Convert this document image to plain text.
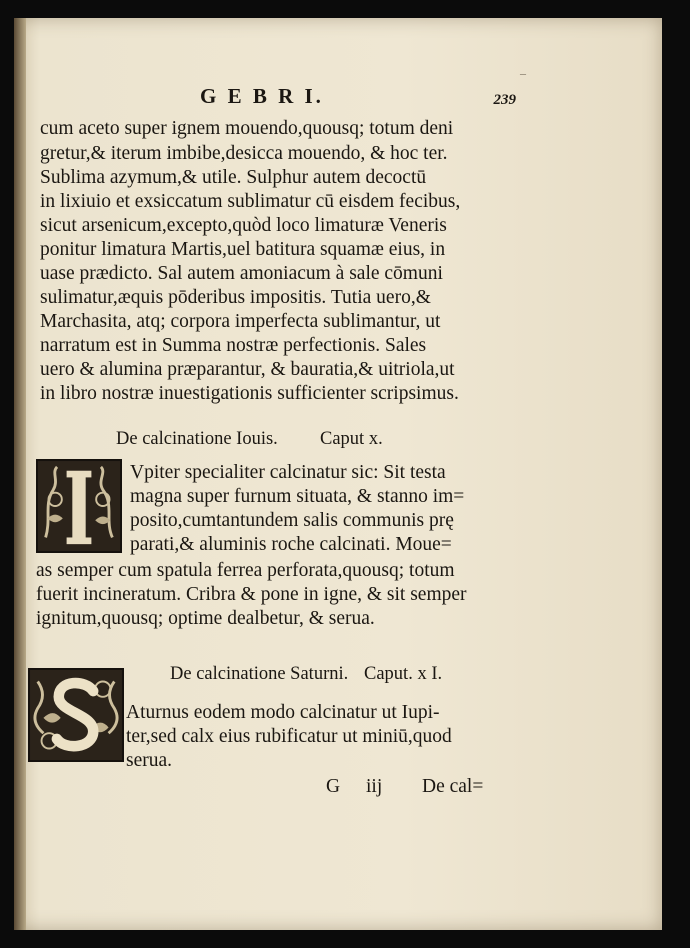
G E B R I.
–
239
cum aceto super ignem mouendo,quousq; totum deni
gretur,& iterum imbibe,desicca mouendo, & hoc ter.
Sublima azymum,& utile. Sulphur autem decoctū
in lixiuio et exsiccatum sublimatur cū eisdem fecibus,
sicut arsenicum,excepto,quòd loco limaturæ Veneris
ponitur limatura Martis,uel batitura squamæ eius, in
uase prædicto. Sal autem amoniacum à sale cōmuni
sulimatur,æquis pōderibus impositis. Tutia uero,&
Marchasita, atq; corpora imperfecta sublimantur, ut
narratum est in Summa nostræ perfectionis. Sales
uero & alumina præparantur, & bauratia,& uitriola,ut
in libro nostræ inuestigationis sufficienter scripsimus.
De calcinatione Iouis. Caput x.
Vpiter specialiter calcinatur sic: Sit testa
magna super furnum situata, & stanno im=
posito,cumtantundem salis communis prę
parati,& aluminis roche calcinati. Moue=
as semper cum spatula ferrea perforata,quousq; totum
fuerit incineratum. Cribra & pone in igne, & sit semper
ignitum,quousq; optime dealbetur, & serua.
De calcinatione Saturni. Caput. x I.
Aturnus eodem modo calcinatur ut Iupi-
ter,sed calx eius rubificatur ut miniū,quod
serua.
G iij De cal=
